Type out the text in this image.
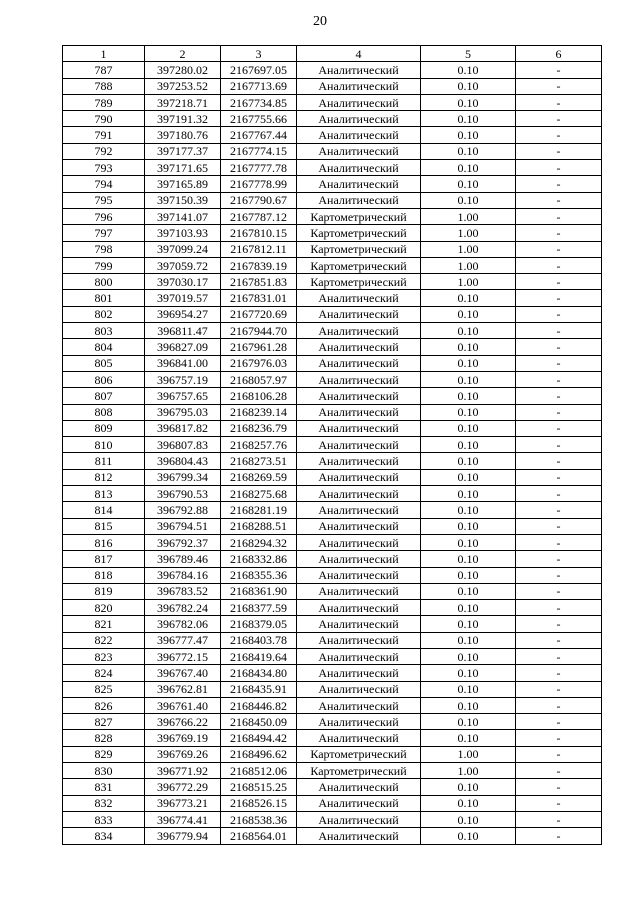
20
1	2	3	4	5	6
787	397280.02	2167697.05	Аналитический	0.10	-
788	397253.52	2167713.69	Аналитический	0.10	-
789	397218.71	2167734.85	Аналитический	0.10	-
790	397191.32	2167755.66	Аналитический	0.10	-
791	397180.76	2167767.44	Аналитический	0.10	-
792	397177.37	2167774.15	Аналитический	0.10	-
793	397171.65	2167777.78	Аналитический	0.10	-
794	397165.89	2167778.99	Аналитический	0.10	-
795	397150.39	2167790.67	Аналитический	0.10	-
796	397141.07	2167787.12	Картометрический	1.00	-
797	397103.93	2167810.15	Картометрический	1.00	-
798	397099.24	2167812.11	Картометрический	1.00	-
799	397059.72	2167839.19	Картометрический	1.00	-
800	397030.17	2167851.83	Картометрический	1.00	-
801	397019.57	2167831.01	Аналитический	0.10	-
802	396954.27	2167720.69	Аналитический	0.10	-
803	396811.47	2167944.70	Аналитический	0.10	-
804	396827.09	2167961.28	Аналитический	0.10	-
805	396841.00	2167976.03	Аналитический	0.10	-
806	396757.19	2168057.97	Аналитический	0.10	-
807	396757.65	2168106.28	Аналитический	0.10	-
808	396795.03	2168239.14	Аналитический	0.10	-
809	396817.82	2168236.79	Аналитический	0.10	-
810	396807.83	2168257.76	Аналитический	0.10	-
811	396804.43	2168273.51	Аналитический	0.10	-
812	396799.34	2168269.59	Аналитический	0.10	-
813	396790.53	2168275.68	Аналитический	0.10	-
814	396792.88	2168281.19	Аналитический	0.10	-
815	396794.51	2168288.51	Аналитический	0.10	-
816	396792.37	2168294.32	Аналитический	0.10	-
817	396789.46	2168332.86	Аналитический	0.10	-
818	396784.16	2168355.36	Аналитический	0.10	-
819	396783.52	2168361.90	Аналитический	0.10	-
820	396782.24	2168377.59	Аналитический	0.10	-
821	396782.06	2168379.05	Аналитический	0.10	-
822	396777.47	2168403.78	Аналитический	0.10	-
823	396772.15	2168419.64	Аналитический	0.10	-
824	396767.40	2168434.80	Аналитический	0.10	-
825	396762.81	2168435.91	Аналитический	0.10	-
826	396761.40	2168446.82	Аналитический	0.10	-
827	396766.22	2168450.09	Аналитический	0.10	-
828	396769.19	2168494.42	Аналитический	0.10	-
829	396769.26	2168496.62	Картометрический	1.00	-
830	396771.92	2168512.06	Картометрический	1.00	-
831	396772.29	2168515.25	Аналитический	0.10	-
832	396773.21	2168526.15	Аналитический	0.10	-
833	396774.41	2168538.36	Аналитический	0.10	-
834	396779.94	2168564.01	Аналитический	0.10	-
